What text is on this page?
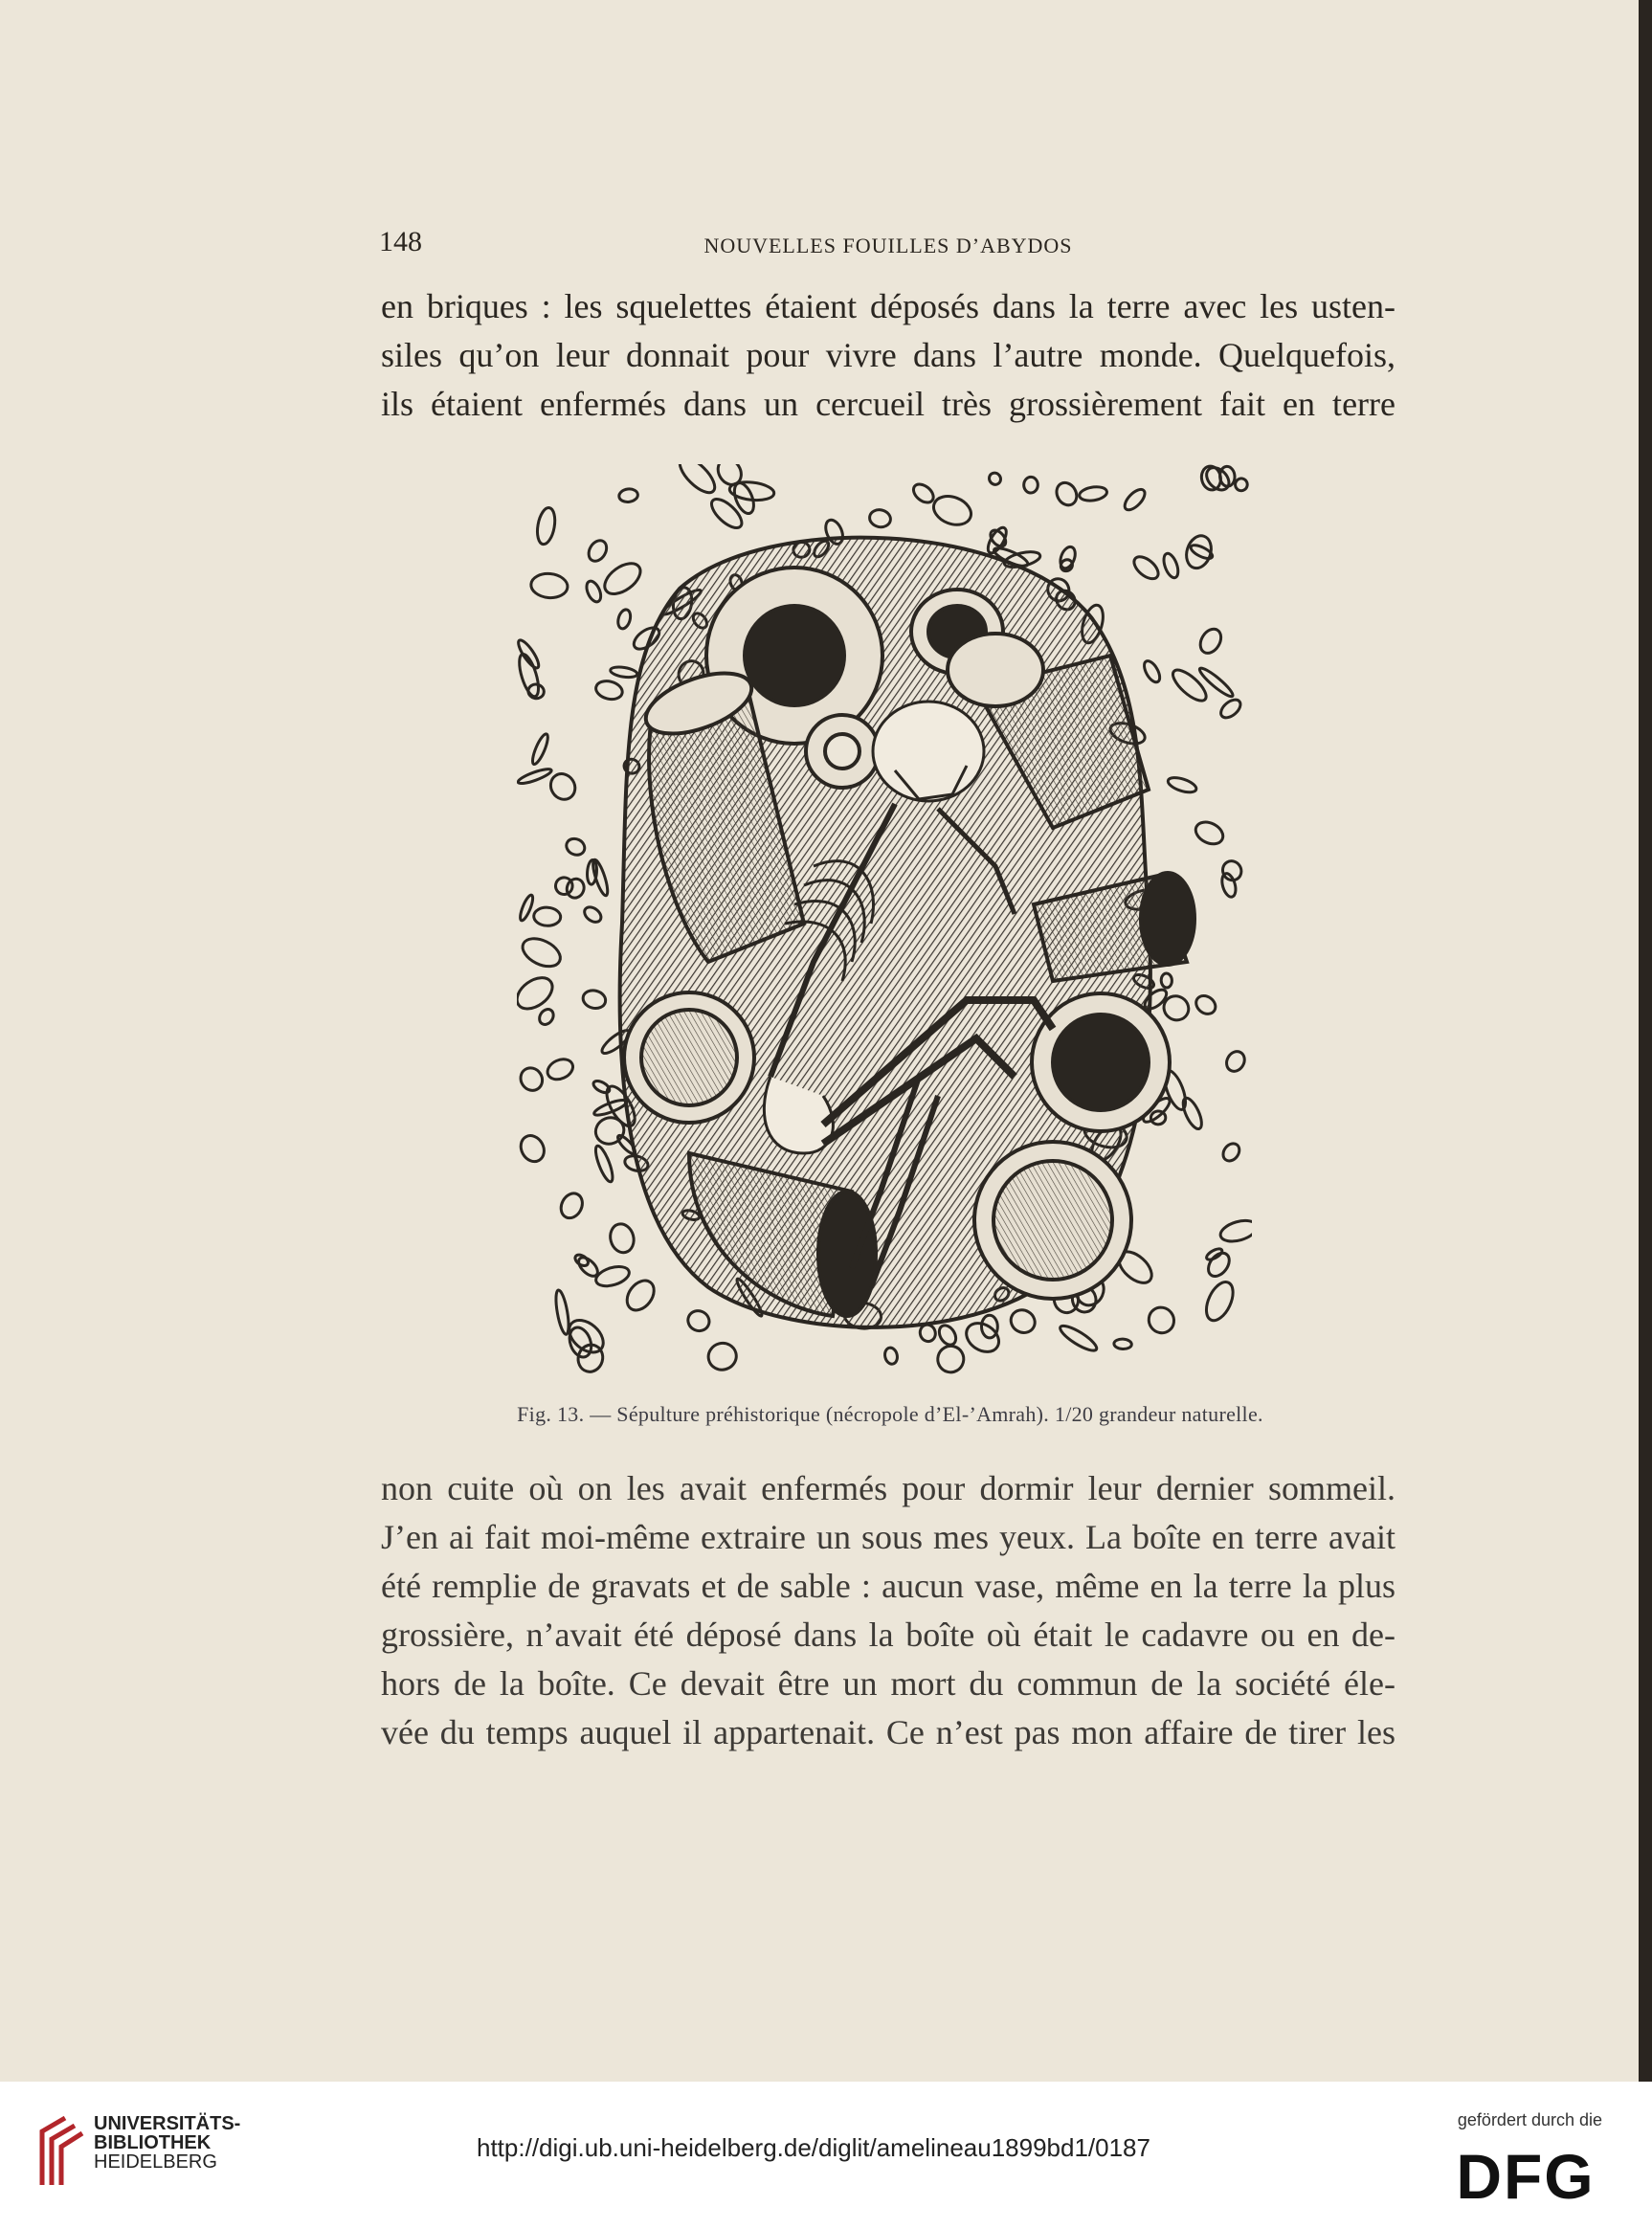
148	NOUVELLES FOUILLES D’ABYDOS
en briques : les squelettes étaient déposés dans la terre avec les usten-
siles qu’on leur donnait pour vivre dans l’autre monde. Quelquefois,
ils étaient enfermés dans un cercueil très grossièrement fait en terre
Fig. 13. — Sépulture préhistorique (nécropole d’El-’Amrah). 1/20 grandeur naturelle.
non cuite où on les avait enfermés pour dormir leur dernier sommeil.
J’en ai fait moi-même extraire un sous mes yeux. La boîte en terre avait
été remplie de gravats et de sable : aucun vase, même en la terre la plus
grossière, n’avait été déposé dans la boîte où était le cadavre ou en de-
hors de la boîte. Ce devait être un mort du commun de la société éle-
vée du temps auquel il appartenait. Ce n’est pas mon affaire de tirer les
UNIVERSITÄTS-
BIBLIOTHEK
HEIDELBERG	http://digi.ub.uni-heidelberg.de/diglit/amelineau1899bd1/0187
gefördert durch die
DFG
